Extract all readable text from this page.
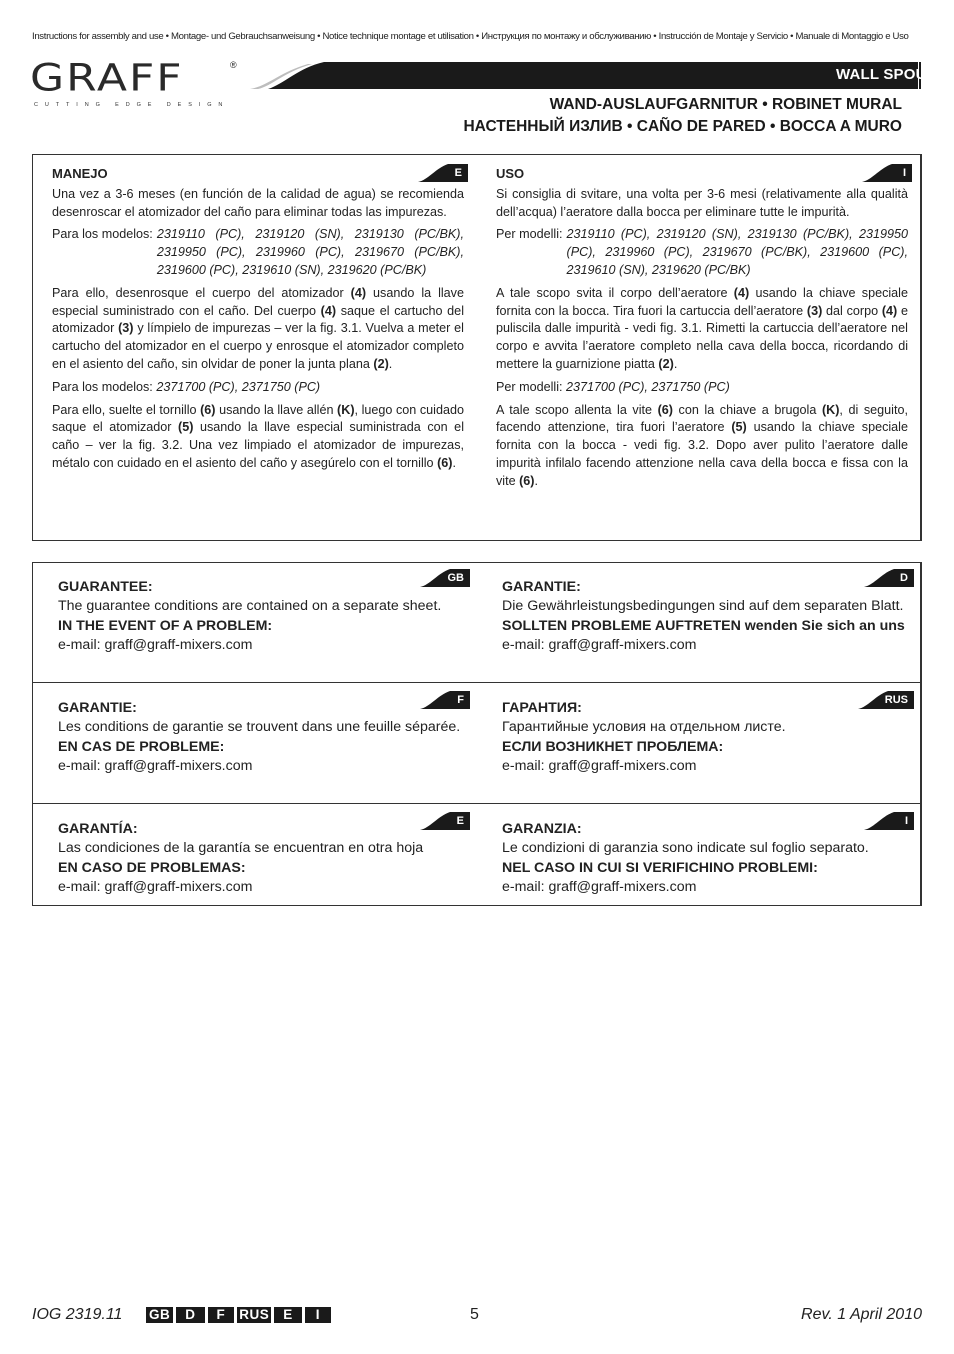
Instructions for assembly and use • Montage- und Gebrauchsanweisung • Notice technique montage et utilisation • Инструкция по монтажу и обслуживанию • Instrucción de Montaje y Servicio • Manuale di Montaggio e Uso
GRAFF	®
CUTTING EDGE DESIGN
WALL SPOUT
WAND-AUSLAUFGARNITUR • ROBINET MURAL
НАСТЕННЫЙ ИЗЛИВ • CAÑO DE PARED • BOCCA A MURO
E	I
MANEJO

Una vez a 3-6 meses (en función de la calidad de agua) se recomienda desenroscar el atomizador del caño para eliminar todas las impurezas.

Para los modelos: 2319110 (PC), 2319120 (SN), 2319130 (PC/BK), 2319950 (PC), 2319960 (PC), 2319670 (PC/BK), 2319600 (PC), 2319610 (SN), 2319620 (PC/BK)

Para ello, desenrosque el cuerpo del atomizador (4) usando la llave especial suministrado con el caño. Del cuerpo (4) saque el cartucho del atomizador (3) y límpielo de impurezas – ver la fig. 3.1. Vuelva a meter el cartucho del atomizador en el cuerpo y enrosque el atomizador completo en el asiento del caño, sin olvidar de poner la junta plana (2).

Para los modelos: 2371700 (PC), 2371750 (PC)

Para ello, suelte el tornillo (6) usando la llave allén (K), luego con cuidado saque el atomizador (5) usando la llave especial suministrada con el caño – ver la fig. 3.2. Una vez limpiado el atomizador de impurezas, métalo con cuidado en el asiento del caño y asegúrelo con el tornillo (6).

USO

Si consiglia di svitare, una volta per 3-6 mesi (relativamente alla qualità dell’acqua) l’aeratore dalla bocca per eliminare tutte le impurità.

Per modelli: 2319110 (PC), 2319120 (SN), 2319130 (PC/BK), 2319950 (PC), 2319960 (PC), 2319670 (PC/BK), 2319600 (PC), 2319610 (SN), 2319620 (PC/BK)

A tale scopo svita il corpo dell’aeratore (4) usando la chiave speciale fornita con la bocca. Tira fuori la cartuccia dell’aeratore (3) dal corpo (4) e puliscila dalle impurità - vedi fig. 3.1. Rimetti la cartuccia dell’aeratore nel corpo e avvita l’aeratore completo nella cava della bocca, ricordando di mettere la guarnizione piatta (2).

Per modelli: 2371700 (PC), 2371750 (PC)

A tale scopo allenta la vite (6) con la chiave a brugola (K), di seguito, facendo attenzione, tira fuori l’aeratore (5) usando la chiave speciale fornita con la bocca - vedi fig. 3.2. Dopo aver pulito l’aeratore dalle impurità infilalo facendo attenzione nella cava della bocca e fissa con la vite (6).

GB
GUARANTEE:
The guarantee conditions are contained on a separate sheet.
IN THE EVENT OF A PROBLEM:
e-mail: graff@graff-mixers.com
D
GARANTIE:
Die Gewährleistungsbedingungen sind auf dem separaten Blatt.
SOLLTEN PROBLEME AUFTRETEN wenden Sie sich an uns
e-mail: graff@graff-mixers.com
F
GARANTIE:
Les conditions de garantie se trouvent dans une feuille séparée.
EN CAS DE PROBLEME:
e-mail: graff@graff-mixers.com
RUS
ГАРАНТИЯ:
Гарантийные условия на отдельном листе.
ЕСЛИ ВОЗНИКНЕТ ПРОБЛЕМА:
e-mail: graff@graff-mixers.com
E
GARANTÍA:
Las condiciones de la garantía se encuentran en otra hoja
EN CASO DE PROBLEMAS:
e-mail: graff@graff-mixers.com
I
GARANZIA:
Le condizioni di garanzia sono indicate sul foglio separato.
NEL CASO IN CUI SI VERIFICHINO PROBLEMI:
e-mail: graff@graff-mixers.com
IOG 2319.11 GB	D	F	RUS	E	I	5	Rev. 1 April 2010
